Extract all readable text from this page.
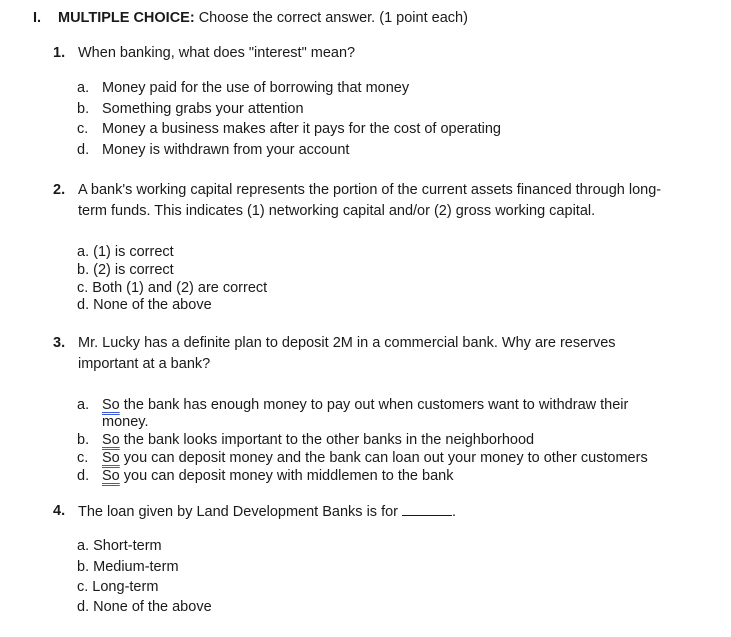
I. MULTIPLE CHOICE: Choose the correct answer. (1 point each)
1. When banking, what does "interest" mean?
a. Money paid for the use of borrowing that money
b. Something grabs your attention
c. Money a business makes after it pays for the cost of operating
d. Money is withdrawn from your account
2. A bank's working capital represents the portion of the current assets financed through long-
term funds. This indicates (1) networking capital and/or (2) gross working capital.
a. (1) is correct
b. (2) is correct
c. Both (1) and (2) are correct
d. None of the above
3. Mr. Lucky has a definite plan to deposit 2M in a commercial bank. Why are reserves
important at a bank?
a. So the bank has enough money to pay out when customers want to withdraw their
money.
b. So the bank looks important to the other banks in the neighborhood
c. So you can deposit money and the bank can loan out your money to other customers
d. So you can deposit money with middlemen to the bank
4. The loan given by Land Development Banks is for	.
a. Short-term
b. Medium-term
c. Long-term
d. None of the above
